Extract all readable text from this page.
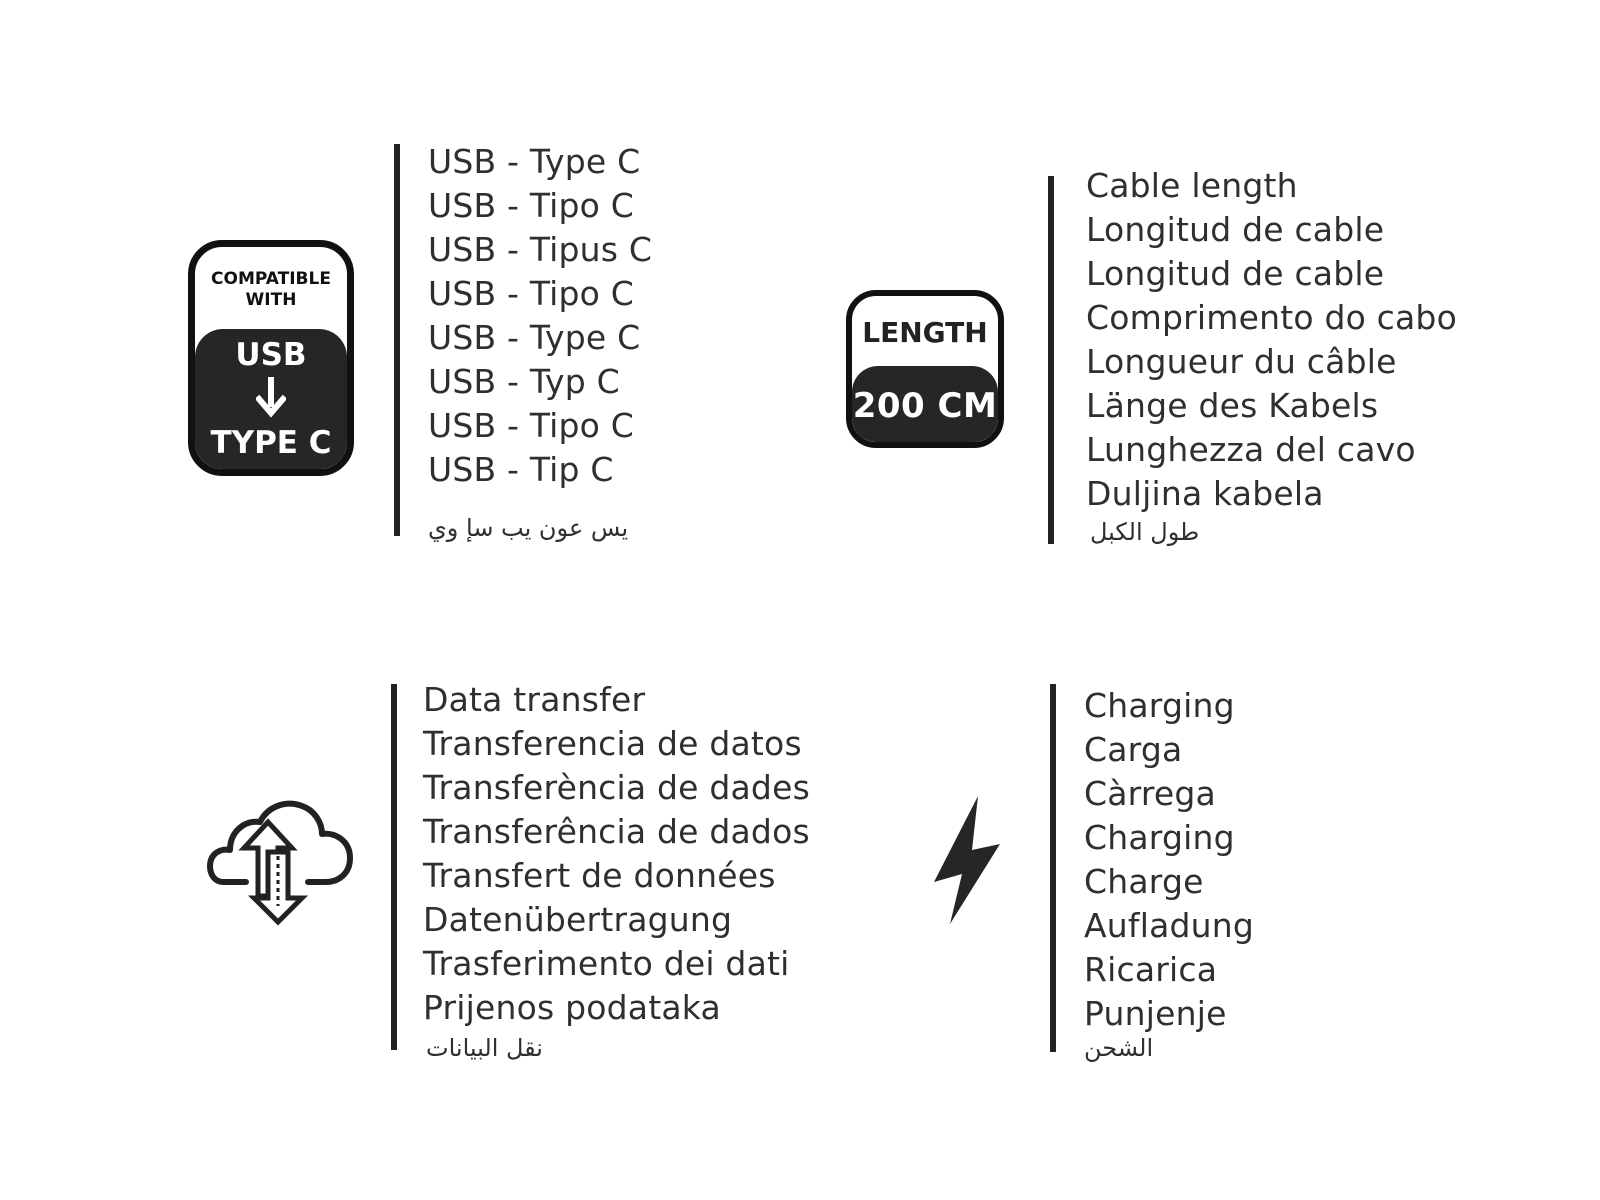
COMPATIBLE
WITH
USB
TYPE C
USB - Type C
USB - Tipo C
USB - Tipus C
USB - Tipo C
USB - Type C
USB - Typ C
USB - Tipo C
USB - Tip C
يس عون يب سإ وي
LENGTH
200 CM
Cable length
Longitud de cable
Longitud de cable
Comprimento do cabo
Longueur du câble
Länge des Kabels
Lunghezza del cavo
Duljina kabela
طول الكبل
Data transfer
Transferencia de datos
Transferència de dades
Transferência de dados
Transfert de données
Datenübertragung
Trasferimento dei dati
Prijenos podataka
نقل البيانات
Charging
Carga
Càrrega
Charging
Charge
Aufladung
Ricarica
Punjenje
الشحن
